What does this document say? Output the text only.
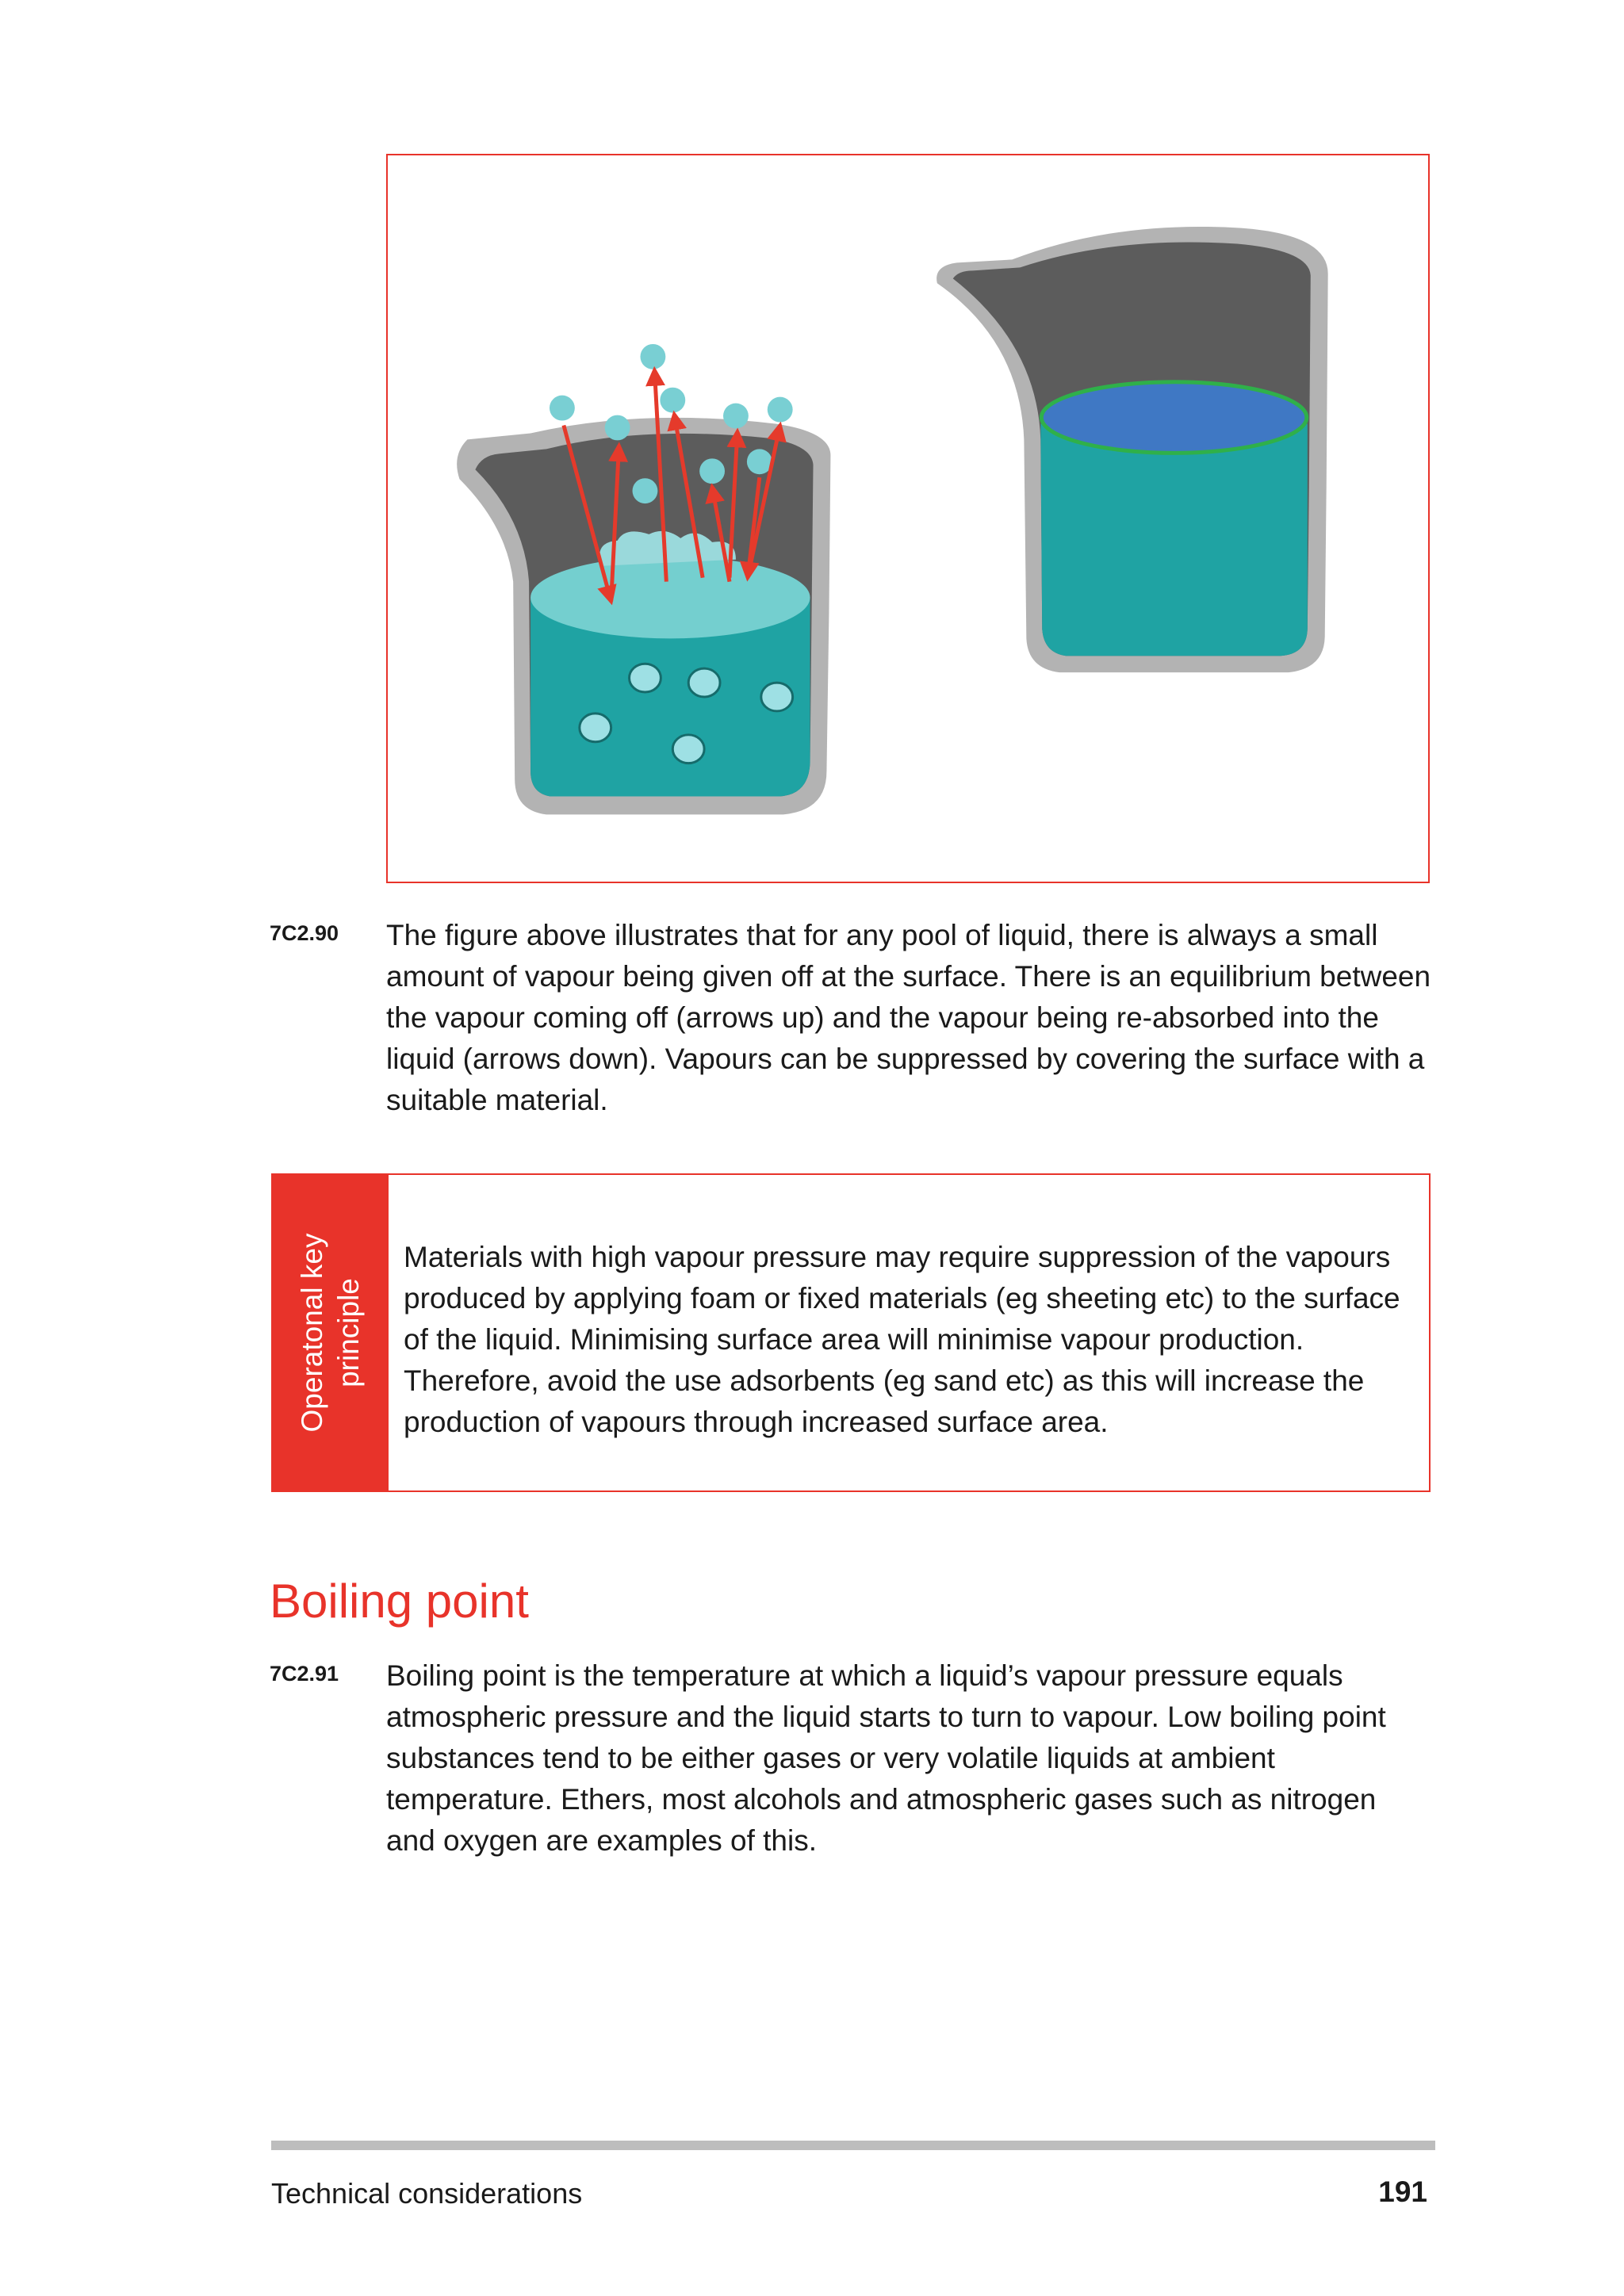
7C2.90 The figure above illustrates that for any pool of liquid, there is always a small amount of vapour being given off at the surface. There is an equilibrium between the vapour coming off (arrows up) and the vapour being re-absorbed into the liquid (arrows down). Vapours can be suppressed by covering the surface with a suitable material.
Operatonal key principle
Materials with high vapour pressure may require suppression of the vapours produced by applying foam or fixed materials (eg sheeting etc) to the surface of the liquid. Minimising surface area will minimise vapour production. Therefore, avoid the use adsorbents (eg sand etc) as this will increase the production of vapours through increased surface area.
Boiling point
7C2.91 Boiling point is the temperature at which a liquid’s vapour pressure equals atmospheric pressure and the liquid starts to turn to vapour. Low boiling point substances tend to be either gases or very volatile liquids at ambient temperature. Ethers, most alcohols and atmospheric gases such as nitrogen and oxygen are examples of this.
Technical considerations	191
